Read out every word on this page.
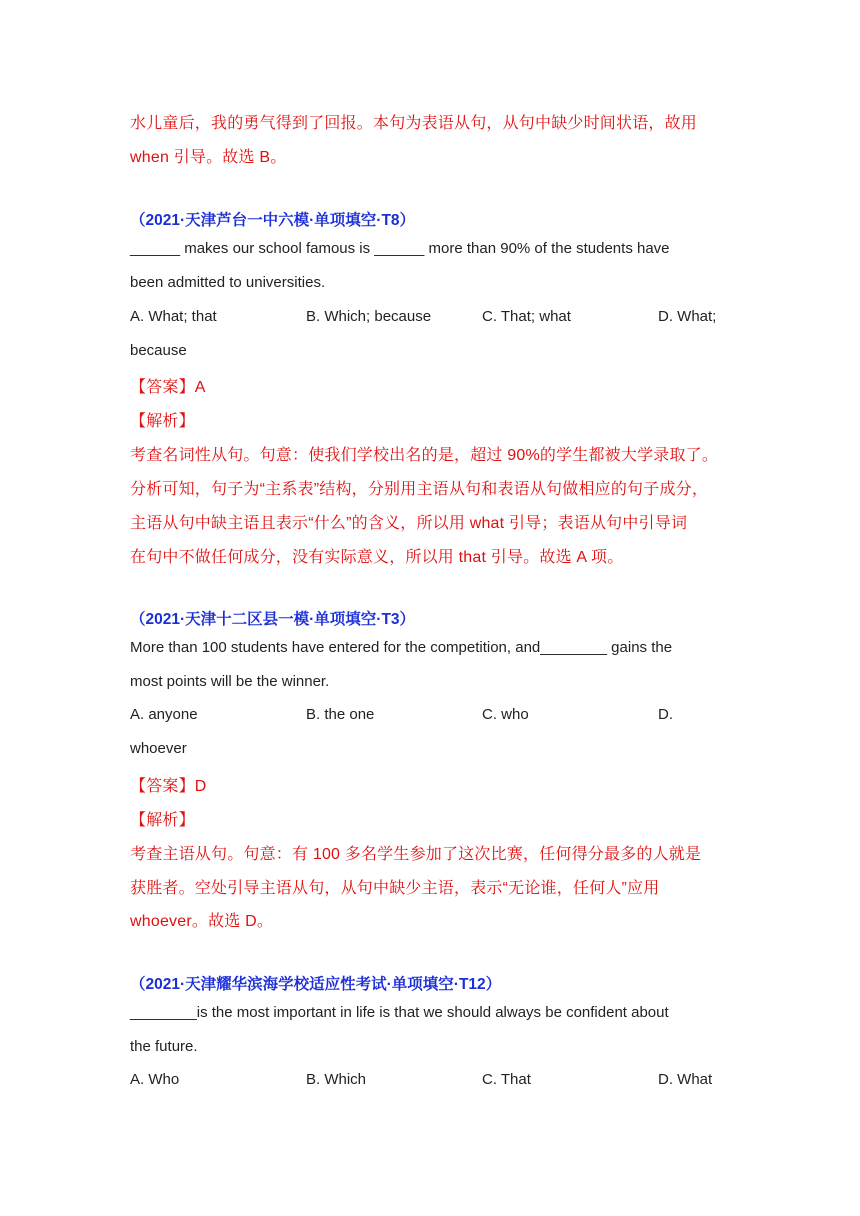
水儿童后，我的勇气得到了回报。本句为表语从句，从句中缺少时间状语，故用
when 引导。故选 B。
（2021·天津芦台一中六模·单项填空·T8）
______ makes our school famous is ______ more than 90% of the students have
been admitted to universities.
A. What; that	B. Which; because	C. That; what	D. What;
because
【答案】A
【解析】
考查名词性从句。句意：使我们学校出名的是，超过 90%的学生都被大学录取了。
分析可知，句子为“主系表”结构，分别用主语从句和表语从句做相应的句子成分，
主语从句中缺主语且表示“什么”的含义，所以用 what 引导；表语从句中引导词
在句中不做任何成分，没有实际意义，所以用 that 引导。故选 A 项。
（2021·天津十二区县一模·单项填空·T3）
More than 100 students have entered for the competition, and________ gains the
most points will be the winner.
A. anyone	B. the one	C. who	D.
whoever
【答案】D
【解析】
考查主语从句。句意：有 100 多名学生参加了这次比赛，任何得分最多的人就是
获胜者。空处引导主语从句，从句中缺少主语，表示“无论谁，任何人”应用
whoever。故选 D。
（2021·天津耀华滨海学校适应性考试·单项填空·T12）
________is the most important in life is that we should always be confident about
the future.
A. Who	B. Which	C. That	D. What
